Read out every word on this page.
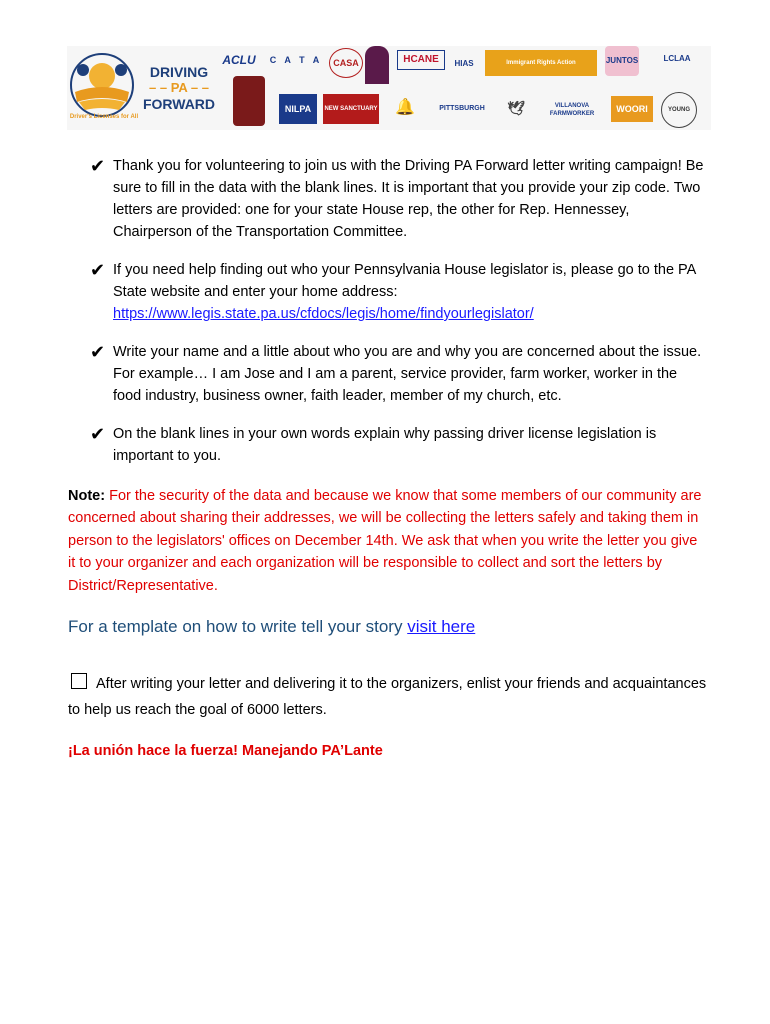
DRIVING
– – PA – –
FORWARD
Driver's Licenses for All
ACLU	C A T A	CASA	HCANE	HIAS	Immigrant Rights Action	JUNTOS	LCLAA
NILPA	NEW SANCTUARY	🔔	PITTSBURGH	🕊	VILLANOVA FARMWORKER	WOORI	YOUNG

✔ Thank you for volunteering to join us with the Driving PA Forward letter writing campaign! Be sure to fill in the data with the blank lines. It is important that you provide your zip code. Two letters are provided: one for your state House rep, the other for Rep. Hennessey, Chairperson of the Transportation Committee.

✔ If you need help finding out who your Pennsylvania House legislator is, please go to the PA State website and enter your home address:
https://www.legis.state.pa.us/cfdocs/legis/home/findyourlegislator/

✔ Write your name and a little about who you are and why you are concerned about the issue. For example… I am Jose and I am a parent, service provider, farm worker, worker in the food industry, business owner, faith leader, member of my church, etc.

✔ On the blank lines in your own words explain why passing driver license legislation is important to you.

Note: For the security of the data and because we know that some members of our community are concerned about sharing their addresses, we will be collecting the letters safely and taking them in person to the legislators' offices on December 14th. We ask that when you write the letter you give it to your organizer and each organization will be responsible to collect and sort the letters by District/Representative.

For a template on how to write tell your story visit here

After writing your letter and delivering it to the organizers, enlist your friends and acquaintances to help us reach the goal of 6000 letters.

¡La unión hace la fuerza! Manejando PA’Lante
